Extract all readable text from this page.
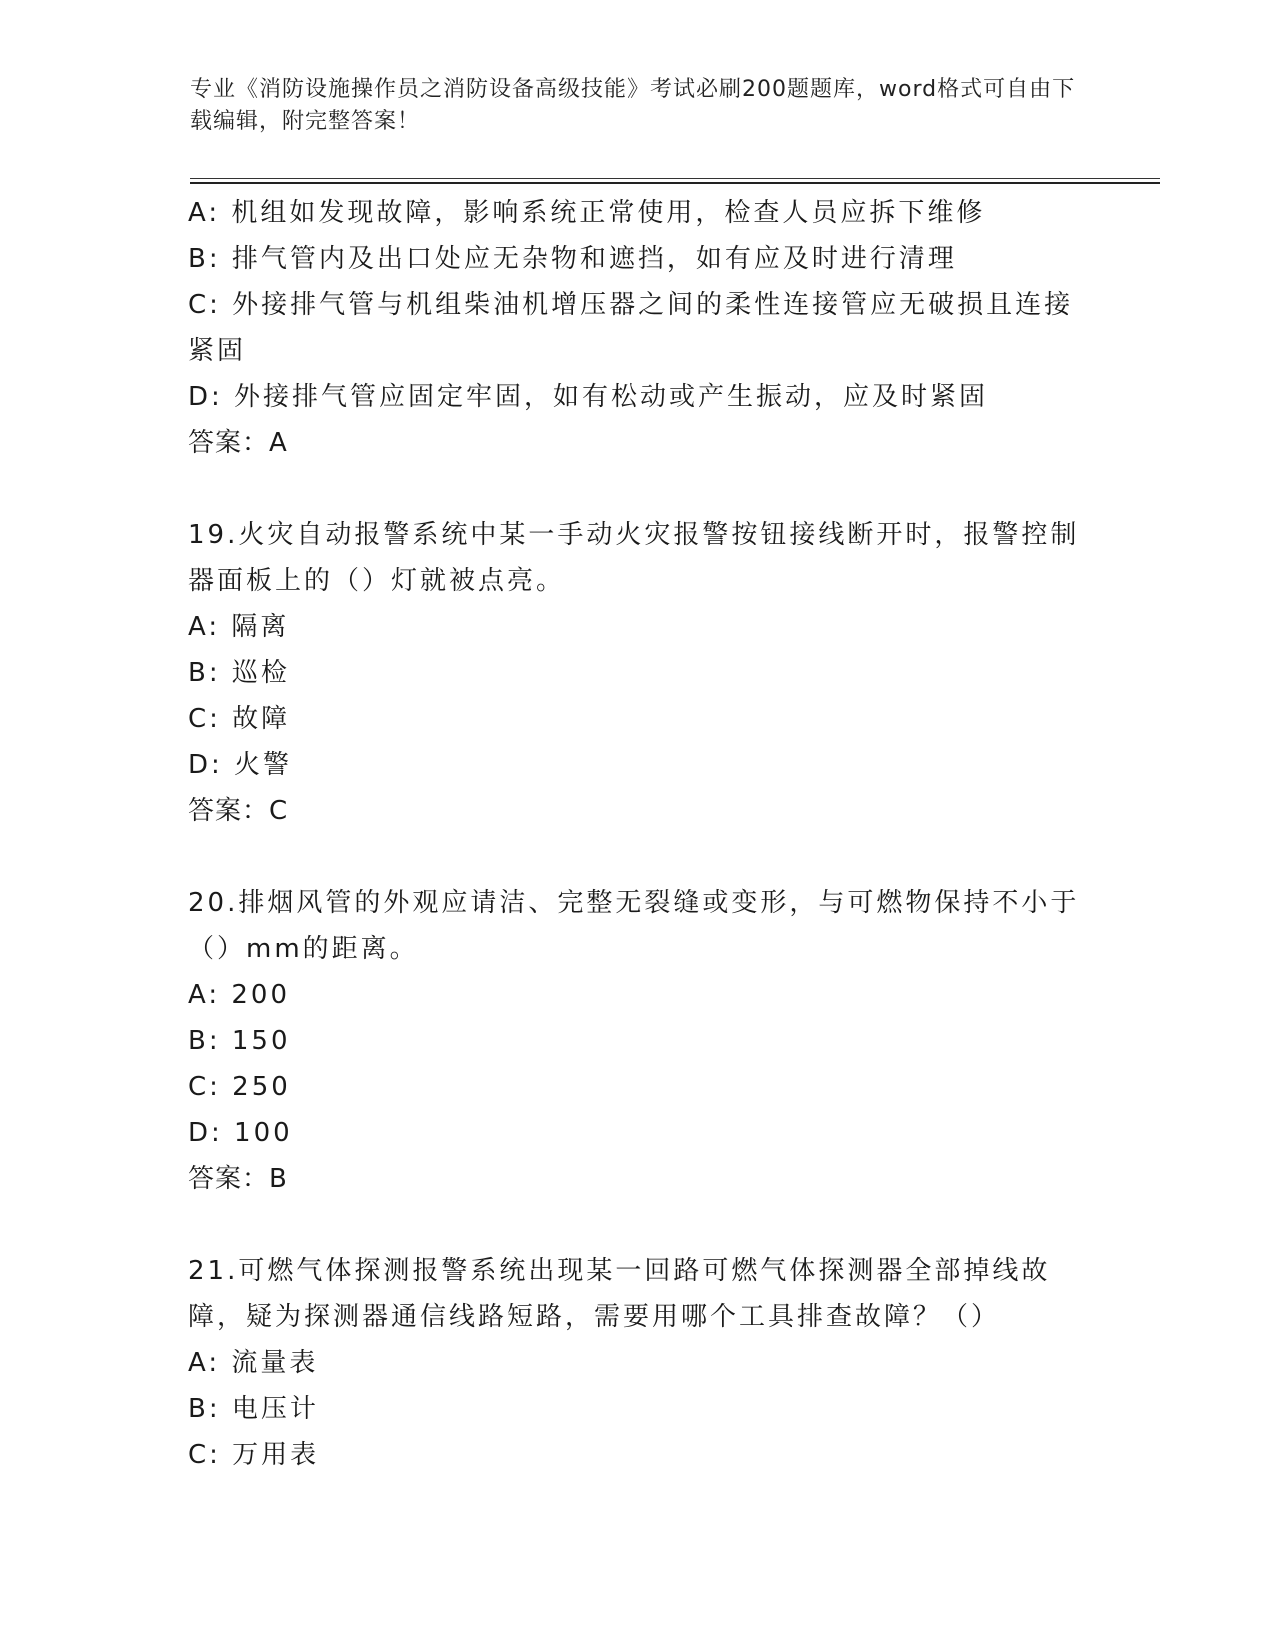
专业《消防设施操作员之消防设备高级技能》考试必刷200题题库，word格式可自由下载编辑，附完整答案！
A: 机组如发现故障，影响系统正常使用，检查人员应拆下维修
B: 排气管内及出口处应无杂物和遮挡，如有应及时进行清理
C: 外接排气管与机组柴油机增压器之间的柔性连接管应无破损且连接紧固
D: 外接排气管应固定牢固，如有松动或产生振动，应及时紧固
答案：A
19.火灾自动报警系统中某一手动火灾报警按钮接线断开时，报警控制器面板上的（）灯就被点亮。
A: 隔离
B: 巡检
C: 故障
D: 火警
答案：C
20.排烟风管的外观应请洁、完整无裂缝或变形，与可燃物保持不小于（）mm的距离。
A: 200
B: 150
C: 250
D: 100
答案：B
21.可燃气体探测报警系统出现某一回路可燃气体探测器全部掉线故障，疑为探测器通信线路短路，需要用哪个工具排查故障？（）
A: 流量表
B: 电压计
C: 万用表
